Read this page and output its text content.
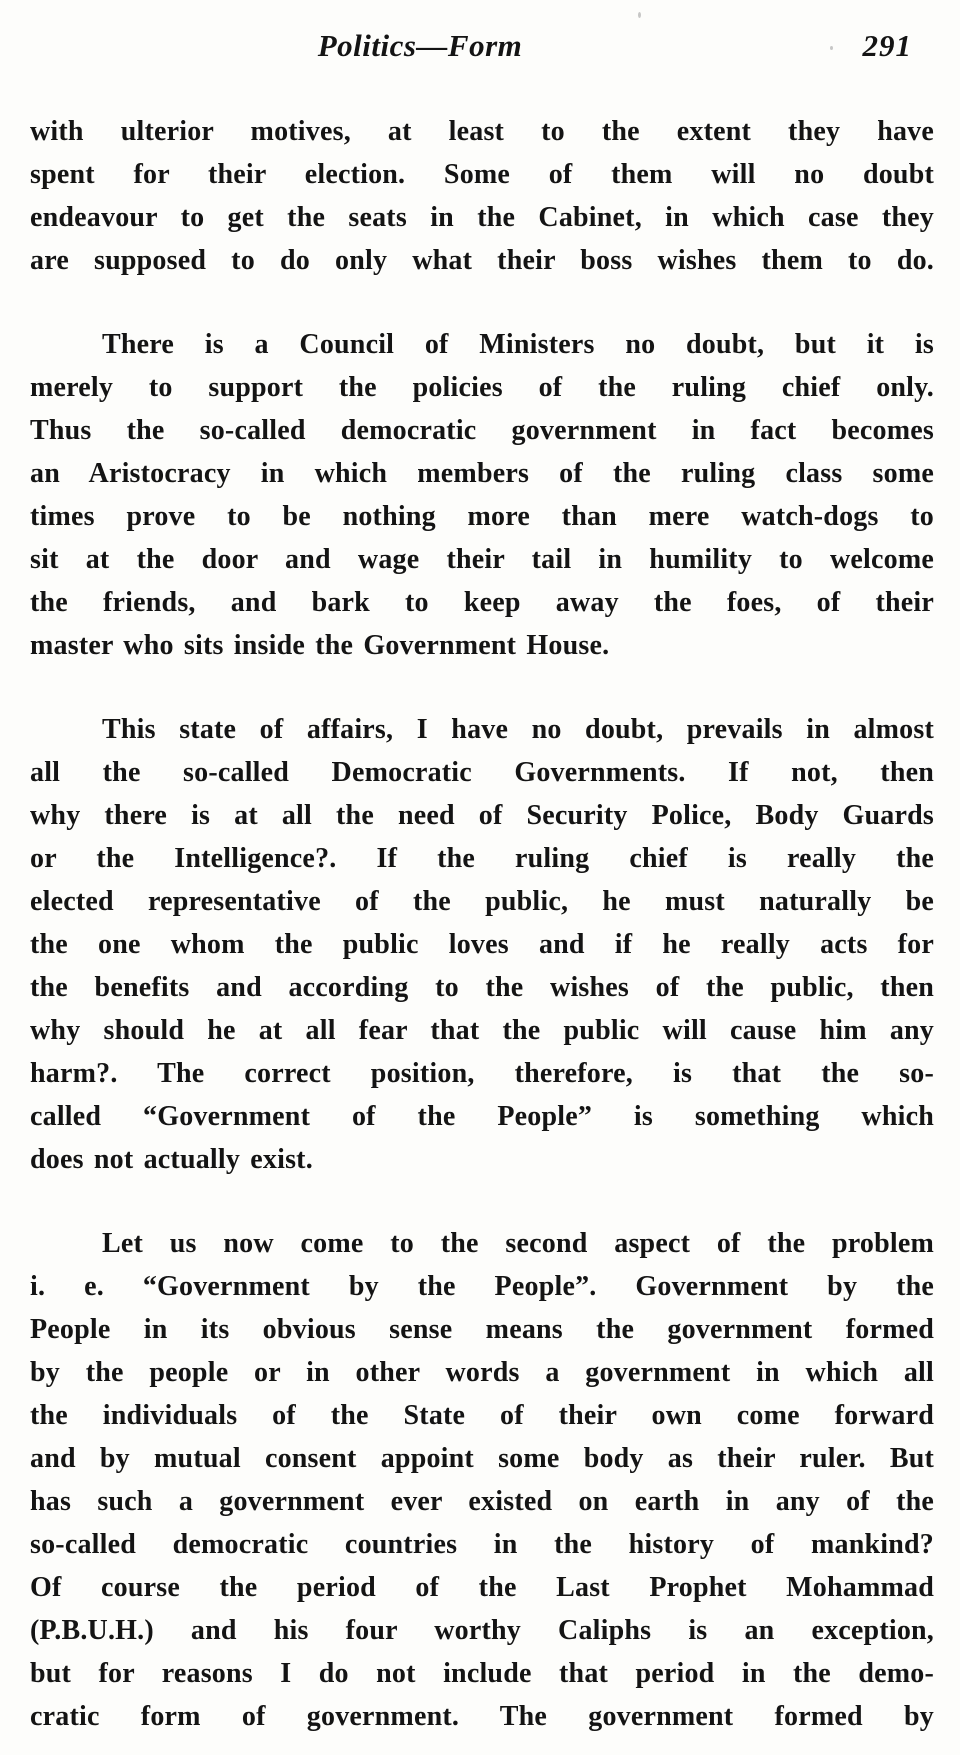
Politics—Form	291
with ulterior motives, at least to the extent they have
spent for their election. Some of them will no doubt
endeavour to get the seats in the Cabinet, in which case they
are supposed to do only what their boss wishes them to do.
There is a Council of Ministers no doubt, but it is
merely to support the policies of the ruling chief only.
Thus the so-called democratic government in fact becomes
an Aristocracy in which members of the ruling class some
times prove to be nothing more than mere watch-dogs to
sit at the door and wage their tail in humility to welcome
the friends, and bark to keep away the foes, of their
master who sits inside the Government House.
This state of affairs, I have no doubt, prevails in almost
all the so-called Democratic Governments. If not, then
why there is at all the need of Security Police, Body Guards
or the Intelligence?. If the ruling chief is really the
elected representative of the public, he must naturally be
the one whom the public loves and if he really acts for
the benefits and according to the wishes of the public, then
why should he at all fear that the public will cause him any
harm?. The correct position, therefore, is that the so-
called “Government of the People” is something which
does not actually exist.
Let us now come to the second aspect of the problem
i. e. “Government by the People”. Government by the
People in its obvious sense means the government formed
by the people or in other words a government in which all
the individuals of the State of their own come forward
and by mutual consent appoint some body as their ruler. But
has such a government ever existed on earth in any of the
so-called democratic countries in the history of mankind?
Of course the period of the Last Prophet Mohammad
(P.B.U.H.) and his four worthy Caliphs is an exception,
but for reasons I do not include that period in the demo-
cratic form of government. The government formed by
